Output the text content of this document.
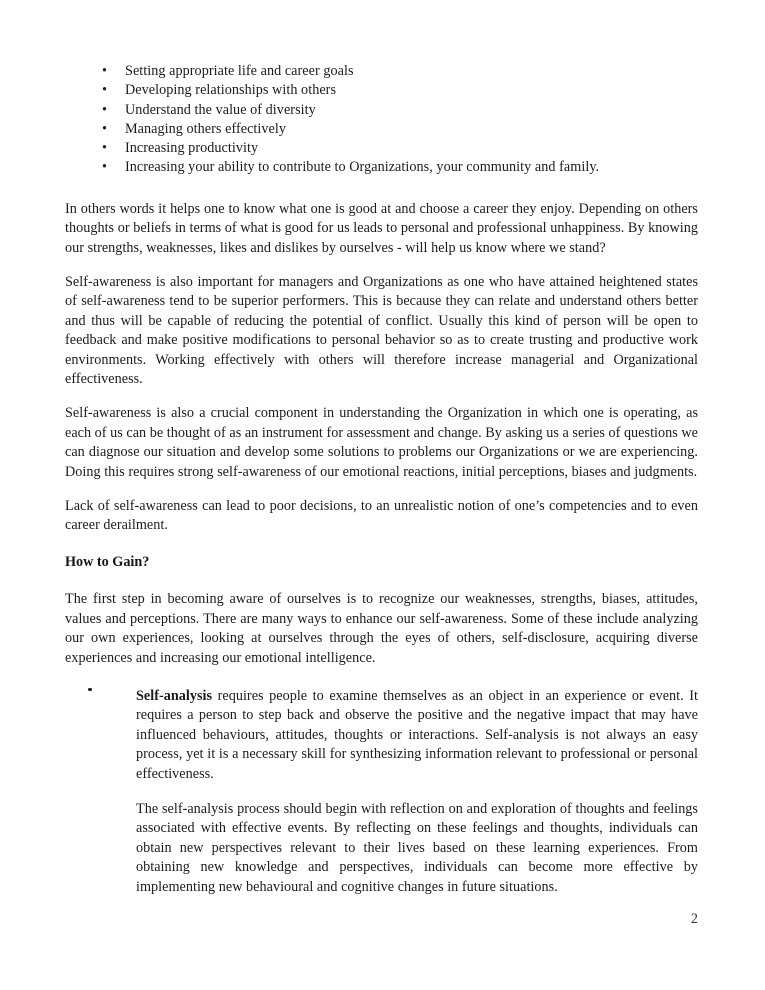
• Setting appropriate life and career goals
• Developing relationships with others
• Understand the value of diversity
• Managing others effectively
• Increasing productivity
• Increasing your ability to contribute to Organizations, your community and family.

In others words it helps one to know what one is good at and choose a career they enjoy. Depending on others thoughts or beliefs in terms of what is good for us leads to personal and professional unhappiness. By knowing our strengths, weaknesses, likes and dislikes by ourselves - will help us know where we stand?

Self-awareness is also important for managers and Organizations as one who have attained heightened states of self-awareness tend to be superior performers. This is because they can relate and understand others better and thus will be capable of reducing the potential of conflict. Usually this kind of person will be open to feedback and make positive modifications to personal behavior so as to create trusting and productive work environments. Working effectively with others will therefore increase managerial and Organizational effectiveness.

Self-awareness is also a crucial component in understanding the Organization in which one is operating, as each of us can be thought of as an instrument for assessment and change. By asking us a series of questions we can diagnose our situation and develop some solutions to problems our Organizations or we are experiencing. Doing this requires strong self-awareness of our emotional reactions, initial perceptions, biases and judgments.

Lack of self-awareness can lead to poor decisions, to an unrealistic notion of one’s competencies and to even career derailment.

How to Gain?

The first step in becoming aware of ourselves is to recognize our weaknesses, strengths, biases, attitudes, values and perceptions. There are many ways to enhance our self-awareness. Some of these include analyzing our own experiences, looking at ourselves through the eyes of others, self-disclosure, acquiring diverse experiences and increasing our emotional intelligence.

Self-analysis requires people to examine themselves as an object in an experience or event. It requires a person to step back and observe the positive and the negative impact that may have influenced behaviours, attitudes, thoughts or interactions. Self-analysis is not always an easy process, yet it is a necessary skill for synthesizing information relevant to professional or personal effectiveness.

The self-analysis process should begin with reflection on and exploration of thoughts and feelings associated with effective events. By reflecting on these feelings and thoughts, individuals can obtain new perspectives relevant to their lives based on these learning experiences. From obtaining new knowledge and perspectives, individuals can become more effective by implementing new behavioural and cognitive changes in future situations.

2
